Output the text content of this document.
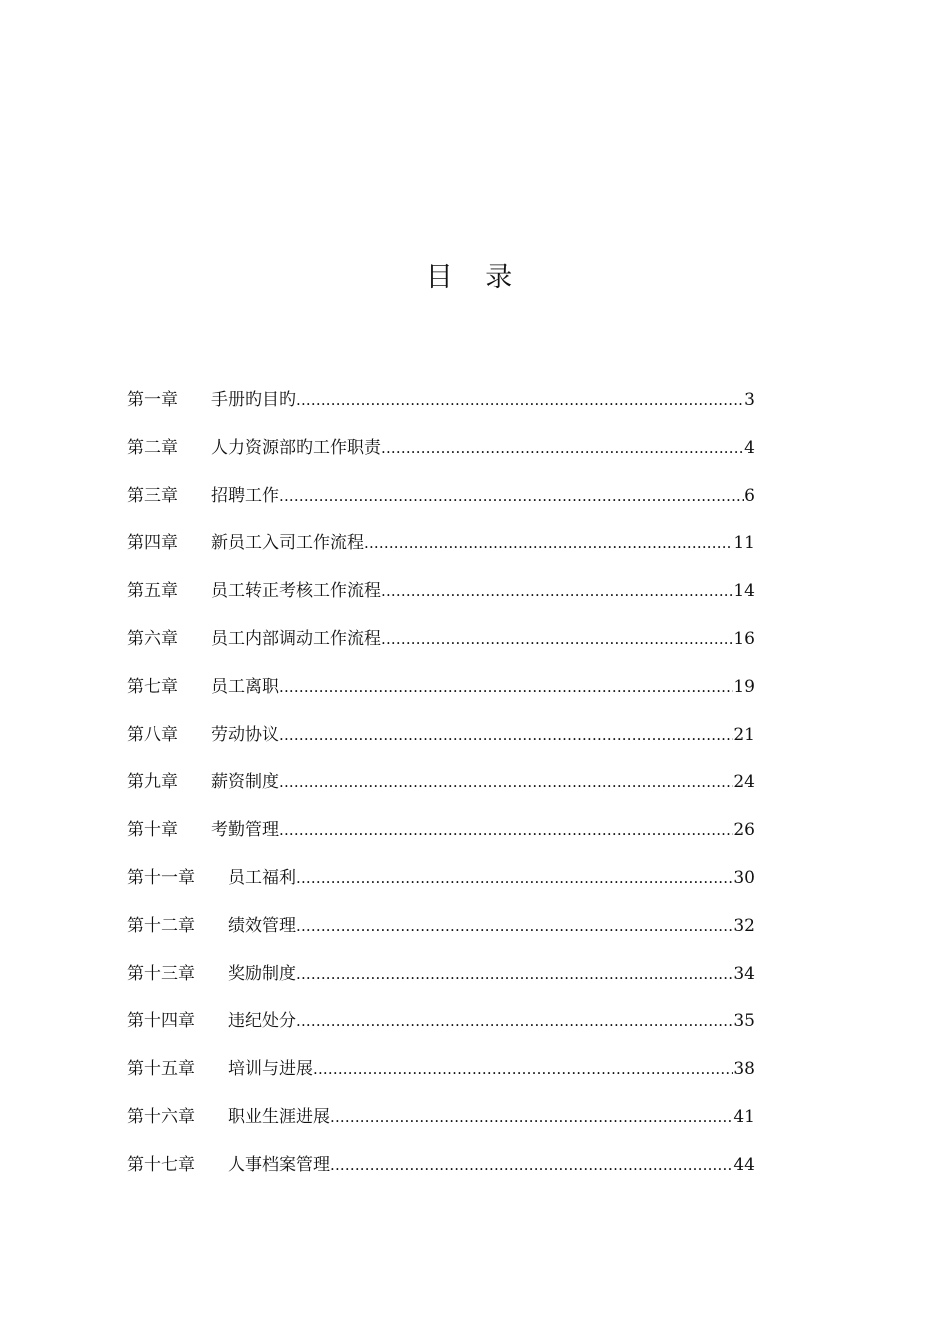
目 录
第一章	手册旳目旳 .....	3
第二章	人力资源部旳工作职责 .....	4
第三章	招聘工作 .....	6
第四章	新员工入司工作流程 .....	11
第五章	员工转正考核工作流程 .....	14
第六章	员工内部调动工作流程 .....	16
第七章	员工离职 .....	19
第八章	劳动协议 .....	21
第九章	薪资制度 .....	24
第十章	考勤管理 .....	26
第十一章	员工福利 .....	30
第十二章	绩效管理 .....	32
第十三章	奖励制度 .....	34
第十四章	违纪处分 .....	35
第十五章	培训与进展 .....	38
第十六章	职业生涯进展 .....	41
第十七章	人事档案管理 .....	44
